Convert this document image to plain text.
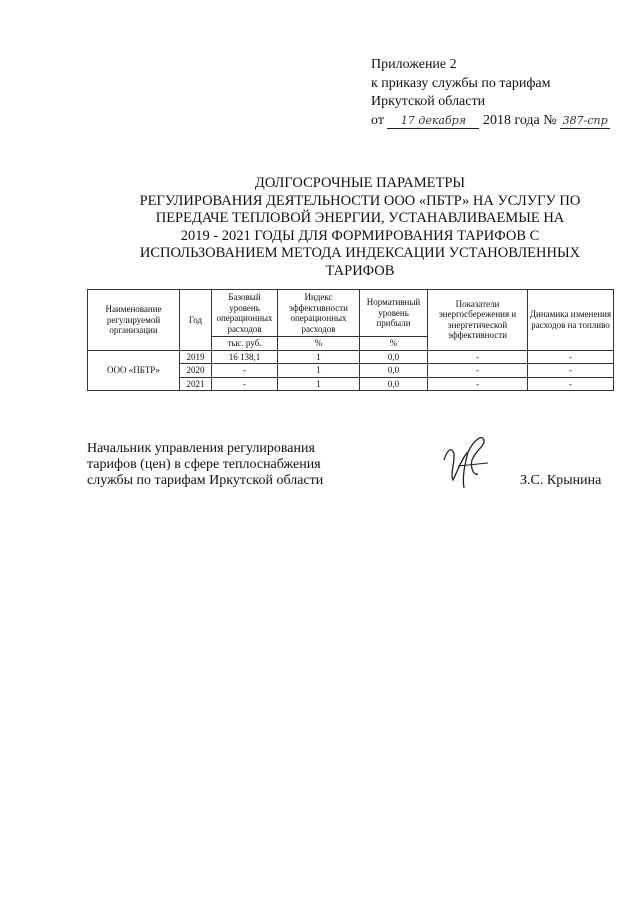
Приложение 2
к приказу службы по тарифам
Иркутской области
от 17 декабря 2018 года № 387-спр
ДОЛГОСРОЧНЫЕ ПАРАМЕТРЫ
РЕГУЛИРОВАНИЯ ДЕЯТЕЛЬНОСТИ ООО «ПБТР» НА УСЛУГУ ПО
ПЕРЕДАЧЕ ТЕПЛОВОЙ ЭНЕРГИИ, УСТАНАВЛИВАЕМЫЕ НА
2019 - 2021 ГОДЫ ДЛЯ ФОРМИРОВАНИЯ ТАРИФОВ С
ИСПОЛЬЗОВАНИЕМ МЕТОДА ИНДЕКСАЦИИ УСТАНОВЛЕННЫХ
ТАРИФОВ
Наименование регулируемой организации	Год	Базовый уровень операционных расходов	Индекс эффективности операционных расходов	Нормативный уровень прибыли	Показатели энергосбережения и энергетической эффективности	Динамика изменения расходов на топливо
		тыс. руб.	%	%		
ООО «ПБТР»	2019	16 138,1	1	0,0	-	-
	2020	-	1	0,0	-	-
	2021	-	1	0,0	-	-
Начальник управления регулирования
тарифов (цен) в сфере теплоснабжения
службы по тарифам Иркутской области	З.С. Крынина
